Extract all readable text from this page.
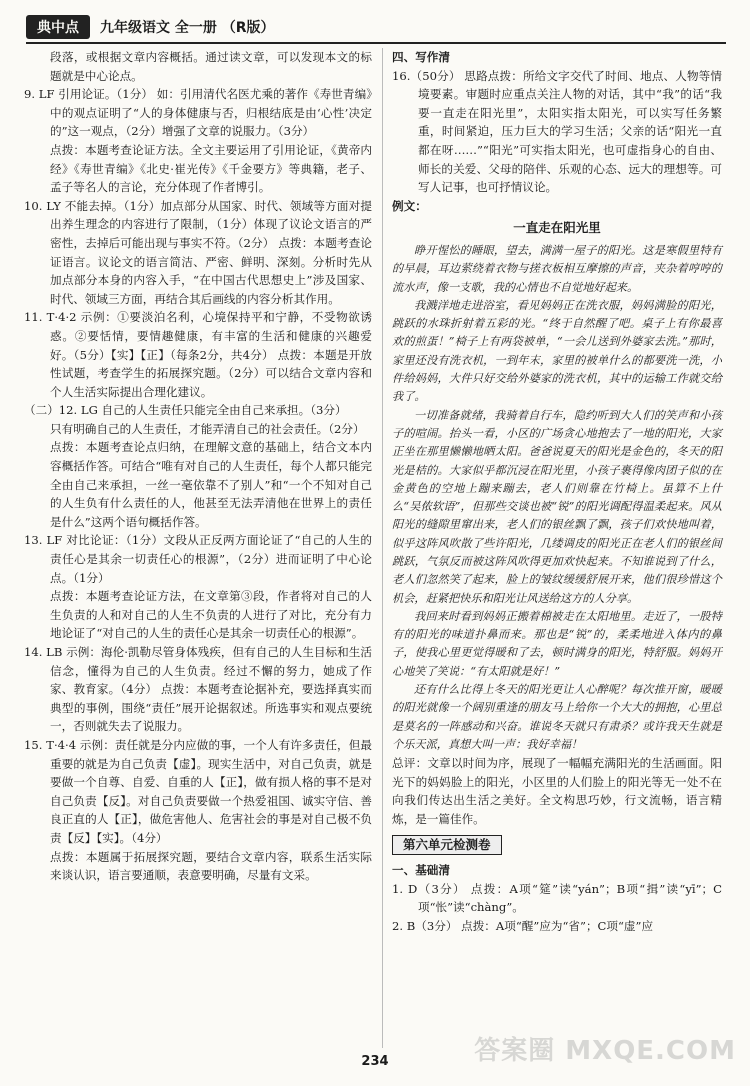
典中点	九年级语文 全一册 （R版）

段落，或根据文章内容概括。通过读文章，可以发现本文的标题就是中心论点。

9. LF 引用论证。（1分） 如：引用清代名医尤乘的著作《寿世青编》中的观点证明了“人的身体健康与否，归根结底是由‘心性’决定的”这一观点，（2分）增强了文章的说服力。（3分）

点拨：本题考查论证方法。全文主要运用了引用论证，《黄帝内经》《寿世青编》《北史·崔光传》《千金要方》等典籍，老子、孟子等名人的言论，充分体现了作者博引。

10. LY 不能去掉。（1分）加点部分从国家、时代、领域等方面对提出养生理念的内容进行了限制，（1分）体现了议论文语言的严密性，去掉后可能出现与事实不符。（2分） 点拨：本题考查论证语言。议论文的语言简洁、严密、鲜明、深刻。分析时先从加点部分本身的内容入手，“在中国古代思想史上”涉及国家、时代、领域三方面，再结合其后画线的内容分析其作用。

11. T·4·2 示例：①要淡泊名利，心境保持平和宁静，不受物欲诱惑。②要恬情，要情趣健康，有丰富的生活和健康的兴趣爱好。（5分）【实】【正】（每条2分，共4分） 点拨：本题是开放性试题，考查学生的拓展探究题。（2分）可以结合文章内容和个人生活实际提出合理化建议。

（二）12. LG 自己的人生责任只能完全由自己来承担。（3分）

只有明确自己的人生责任，才能弄清自己的社会责任。（2分）

点拨：本题考查论点归纳，在理解文意的基础上，结合文本内容概括作答。可结合“唯有对自己的人生责任，每个人都只能完全由自己来承担，一丝一毫依靠不了别人”和“一个不知对自己的人生负有什么责任的人，他甚至无法弄清他在世界上的责任是什么”这两个语句概括作答。

13. LF 对比论证：（1分）文段从正反两方面论证了“自己的人生的责任心是其余一切责任心的根源”，（2分）进而证明了中心论点。（1分）

点拨：本题考查论证方法，在文章第③段，作者将对自己的人生负责的人和对自己的人生不负责的人进行了对比，充分有力地论证了“对自己的人生的责任心是其余一切责任心的根源”。

14. LB 示例：海伦·凯勒尽管身体残疾，但有自己的人生目标和生活信念，懂得为自己的人生负责。经过不懈的努力，她成了作家、教育家。（4分） 点拨：本题考查论据补充，要选择真实而典型的事例，围绕“责任”展开论据叙述。所选事实和观点要统一，否则就失去了说服力。

15. T·4·4 示例：责任就是分内应做的事，一个人有许多责任，但最重要的就是为自己负责【虚】。现实生活中，对自己负责，就是要做一个自尊、自爱、自重的人【正】，做有损人格的事不是对自己负责【反】。对自己负责要做一个热爱祖国、诚实守信、善良正直的人【正】，做危害他人、危害社会的事是对自己极不负责【反】【实】。（4分）

点拨：本题属于拓展探究题，要结合文章内容，联系生活实际来谈认识，语言要通顺，表意要明确，尽量有文采。

四、写作清

16.（50分） 思路点拨：所给文字交代了时间、地点、人物等情境要素。审题时应重点关注人物的对话，其中“我”的话“我要一直走在阳光里”，太阳实指太阳光，可以实写任务繁重，时间紧迫，压力巨大的学习生活；父亲的话“阳光一直都在呀……”“阳光”可实指太阳光，也可虚指身心的自由、师长的关爱、父母的陪伴、乐观的心态、远大的理想等。可写人记事，也可抒情议论。

例文：

一直走在阳光里

睁开惺忪的睡眼，望去，满满一屋子的阳光。这是寒假里特有的早晨，耳边萦绕着衣物与搓衣板相互摩擦的声音，夹杂着哼哼的流水声，像一支歌，我的心情也不自觉地好起来。

我溅洋地走进浴室，看见妈妈正在洗衣服，妈妈满脸的阳光，跳跃的水珠折射着五彩的光。“终于自然醒了吧。桌子上有你最喜欢的煎蛋！”椅子上有两袋被单，“一会儿送到外婆家去洗。”那时，家里还没有洗衣机，一到年末，家里的被单什么的都要洗一洗，小件给妈妈，大件只好交给外婆家的洗衣机，其中的运输工作就交给我了。

一切准备就绪，我骑着自行车，隐约听到大人们的笑声和小孩子的喧闹。抬头一看，小区的广场贪心地抱去了一地的阳光，大家正坐在那里懒懒地晒太阳。爸爸说夏天的阳光是金色的，冬天的阳光是桔的。大家似乎都沉浸在阳光里，小孩子裹得像肉团子似的在金黄色的空地上蹦来蹦去，老人们则靠在竹椅上。虽算不上什么“吴侬软语”，但那些交谈也被“锐”的阳光调配得温柔起来。风从阳光的缝隙里窜出来，老人们的银丝飘了飘，孩子们欢快地叫着，似乎这阵风吹散了些许阳光，几缕调皮的阳光正在老人们的银丝间跳跃，气氛反而被这阵风吹得更加欢快起来。不知谁说到了什么，老人们忽然笑了起来，脸上的皱纹缓缓舒展开来，他们很珍惜这个机会，赶紧把快乐和阳光让风送给这方的人分享。

我回来时看到妈妈正搬着棉被走在太阳地里。走近了，一股特有的阳光的味道扑鼻而来。那也是“锐”的，柔柔地进入体内的鼻子，使我心里更觉得暖和了去，顿时满身的阳光，特舒服。妈妈开心地笑了笑说：“有太阳就是好！”

还有什么比得上冬天的阳光更让人心醉呢？每次推开窗，暖暖的阳光就像一个阔别重逢的朋友马上给你一个大大的拥抱，心里总是莫名的一阵感动和兴奋。谁说冬天就只有肃杀？或许我天生就是个乐天派，真想大叫一声：我好幸福！

总评：文章以时间为序，展现了一幅幅充满阳光的生活画面。阳光下的妈妈脸上的阳光，小区里的人们脸上的阳光等无一处不在向我们传达出生活之美好。全文构思巧妙，行文流畅，语言精炼，是一篇佳作。

第六单元检测卷

一、基础清

1. D（3分） 点拨：A项“筵”读“yán”；B项“揖”读“yī”；C项“怅”读“chàng”。

2. B（3分） 点拨：A项“醒”应为“省”；C项“虚”应

234	答案圈 MXQE.COM
